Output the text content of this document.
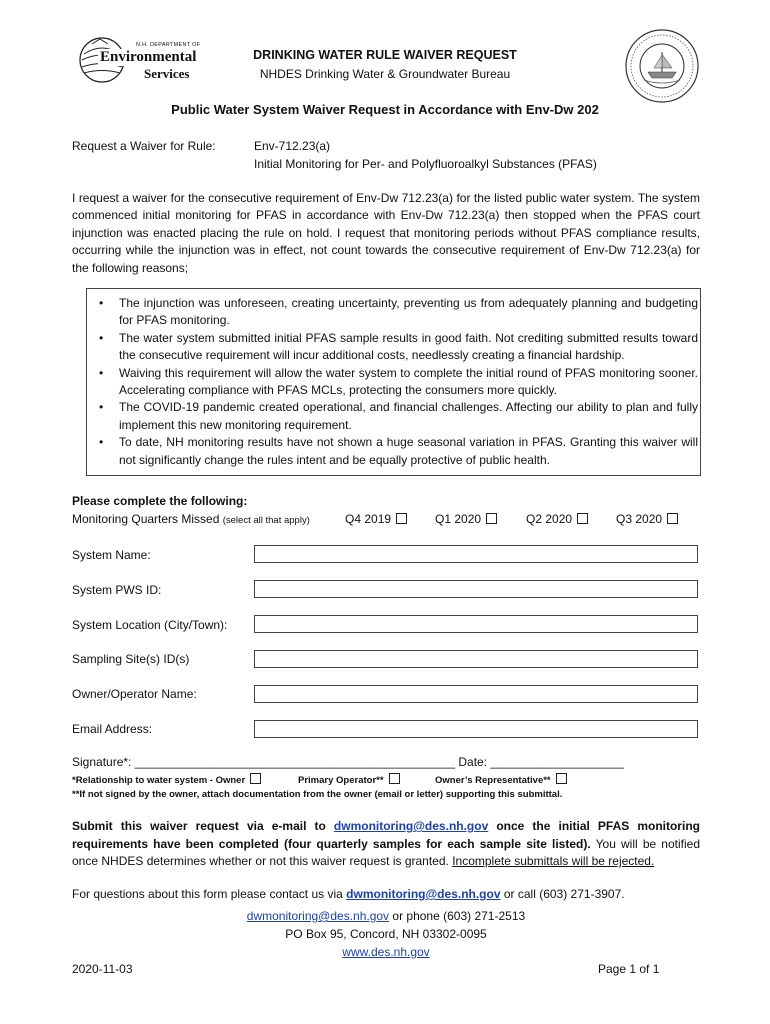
N.H. DEPARTMENT OF
Environmental
Services
DRINKING WATER RULE WAIVER REQUEST
NHDES Drinking Water & Groundwater Bureau
Public Water System Waiver Request in Accordance with Env-Dw 202
Request a Waiver for Rule:	Env-712.23(a)
Initial Monitoring for Per- and Polyfluoroalkyl Substances (PFAS)
I request a waiver for the consecutive requirement of Env-Dw 712.23(a) for the listed public water system. The system commenced initial monitoring for PFAS in accordance with Env-Dw 712.23(a) then stopped when the PFAS court injunction was enacted placing the rule on hold. I request that monitoring periods without PFAS compliance results, occurring while the injunction was in effect, not count towards the consecutive requirement of Env-Dw 712.23(a) for the following reasons;
• The injunction was unforeseen, creating uncertainty, preventing us from adequately planning and budgeting for PFAS monitoring.
• The water system submitted initial PFAS sample results in good faith. Not crediting submitted results toward the consecutive requirement will incur additional costs, needlessly creating a financial hardship.
• Waiving this requirement will allow the water system to complete the initial round of PFAS monitoring sooner. Accelerating compliance with PFAS MCLs, protecting the consumers more quickly.
• The COVID-19 pandemic created operational, and financial challenges. Affecting our ability to plan and fully implement this new monitoring requirement.
• To date, NH monitoring results have not shown a huge seasonal variation in PFAS. Granting this waiver will not significantly change the rules intent and be equally protective of public health.
Please complete the following:
Monitoring Quarters Missed (select all that apply)	Q4 2019	Q1 2020	Q2 2020	Q3 2020
System Name:
System PWS ID:
System Location (City/Town):
Sampling Site(s) ID(s)
Owner/Operator Name:
Email Address:
Signature*: ________________________________________________ Date: ____________________
*Relationship to water system - Owner	Primary Operator**	Owner’s Representative**
**If not signed by the owner, attach documentation from the owner (email or letter) supporting this submittal.
Submit this waiver request via e-mail to dwmonitoring@des.nh.gov once the initial PFAS monitoring requirements have been completed (four quarterly samples for each sample site listed). You will be notified once NHDES determines whether or not this waiver request is granted. Incomplete submittals will be rejected.
For questions about this form please contact us via dwmonitoring@des.nh.gov or call (603) 271-3907.
dwmonitoring@des.nh.gov or phone (603) 271-2513
PO Box 95, Concord, NH 03302-0095
www.des.nh.gov
2020-11-03	Page 1 of 1
